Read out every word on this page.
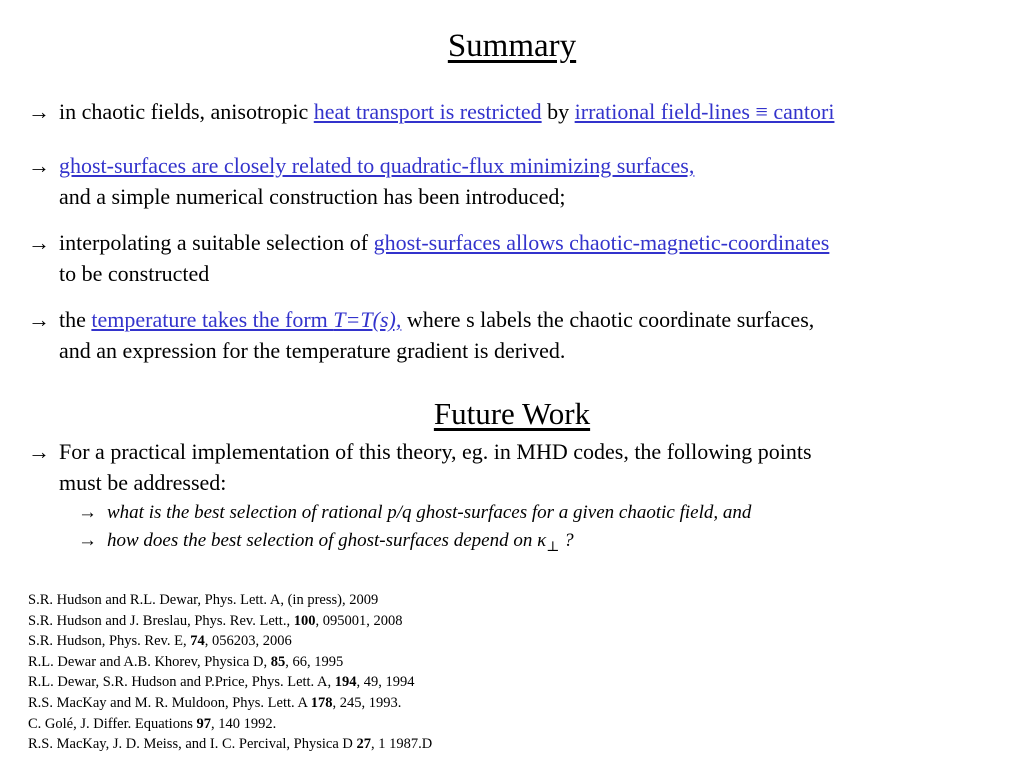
Summary
→ in chaotic fields, anisotropic heat transport is restricted by irrational field-lines ≡ cantori
→ ghost-surfaces are closely related to quadratic-flux minimizing surfaces,
and a simple numerical construction has been introduced;
→ interpolating a suitable selection of ghost-surfaces allows chaotic-magnetic-coordinates
to be constructed
→ the temperature takes the form T=T(s), where s labels the chaotic coordinate surfaces,
and an expression for the temperature gradient is derived.
Future Work
→ For a practical implementation of this theory, eg. in MHD codes, the following points
must be addressed:
→ what is the best selection of rational p/q ghost-surfaces for a given chaotic field, and
→ how does the best selection of ghost-surfaces depend on $\kappa_\perp$ ?
S.R. Hudson and R.L. Dewar, Phys. Lett. A, (in press), 2009
S.R. Hudson and J. Breslau, Phys. Rev. Lett., 100, 095001, 2008
S.R. Hudson, Phys. Rev. E, 74, 056203, 2006
R.L. Dewar and A.B. Khorev, Physica D, 85, 66, 1995
R.L. Dewar, S.R. Hudson and P.Price, Phys. Lett. A, 194, 49, 1994
R.S. MacKay and M. R. Muldoon, Phys. Lett. A 178, 245, 1993.
C. Golé, J. Differ. Equations 97, 140 1992.
R.S. MacKay, J. D. Meiss, and I. C. Percival, Physica D 27, 1 1987.D
